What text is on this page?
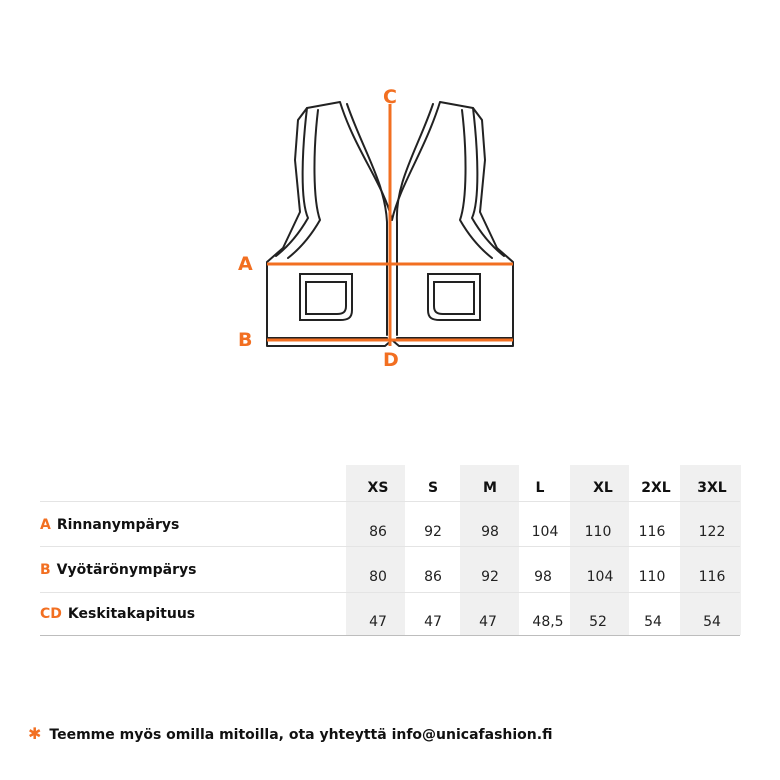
A
B
C
D
XS	S	M	L	XL	2XL	3XL
A Rinnanympärys	86	92	98	104	110	116	122
B Vyötärönympärys	80	86	92	98	104	110	116
CD Keskitakapituus	47	47	47	48,5	52	54	54
✱ Teemme myös omilla mitoilla, ota yhteyttä info@unicafashion.fi
